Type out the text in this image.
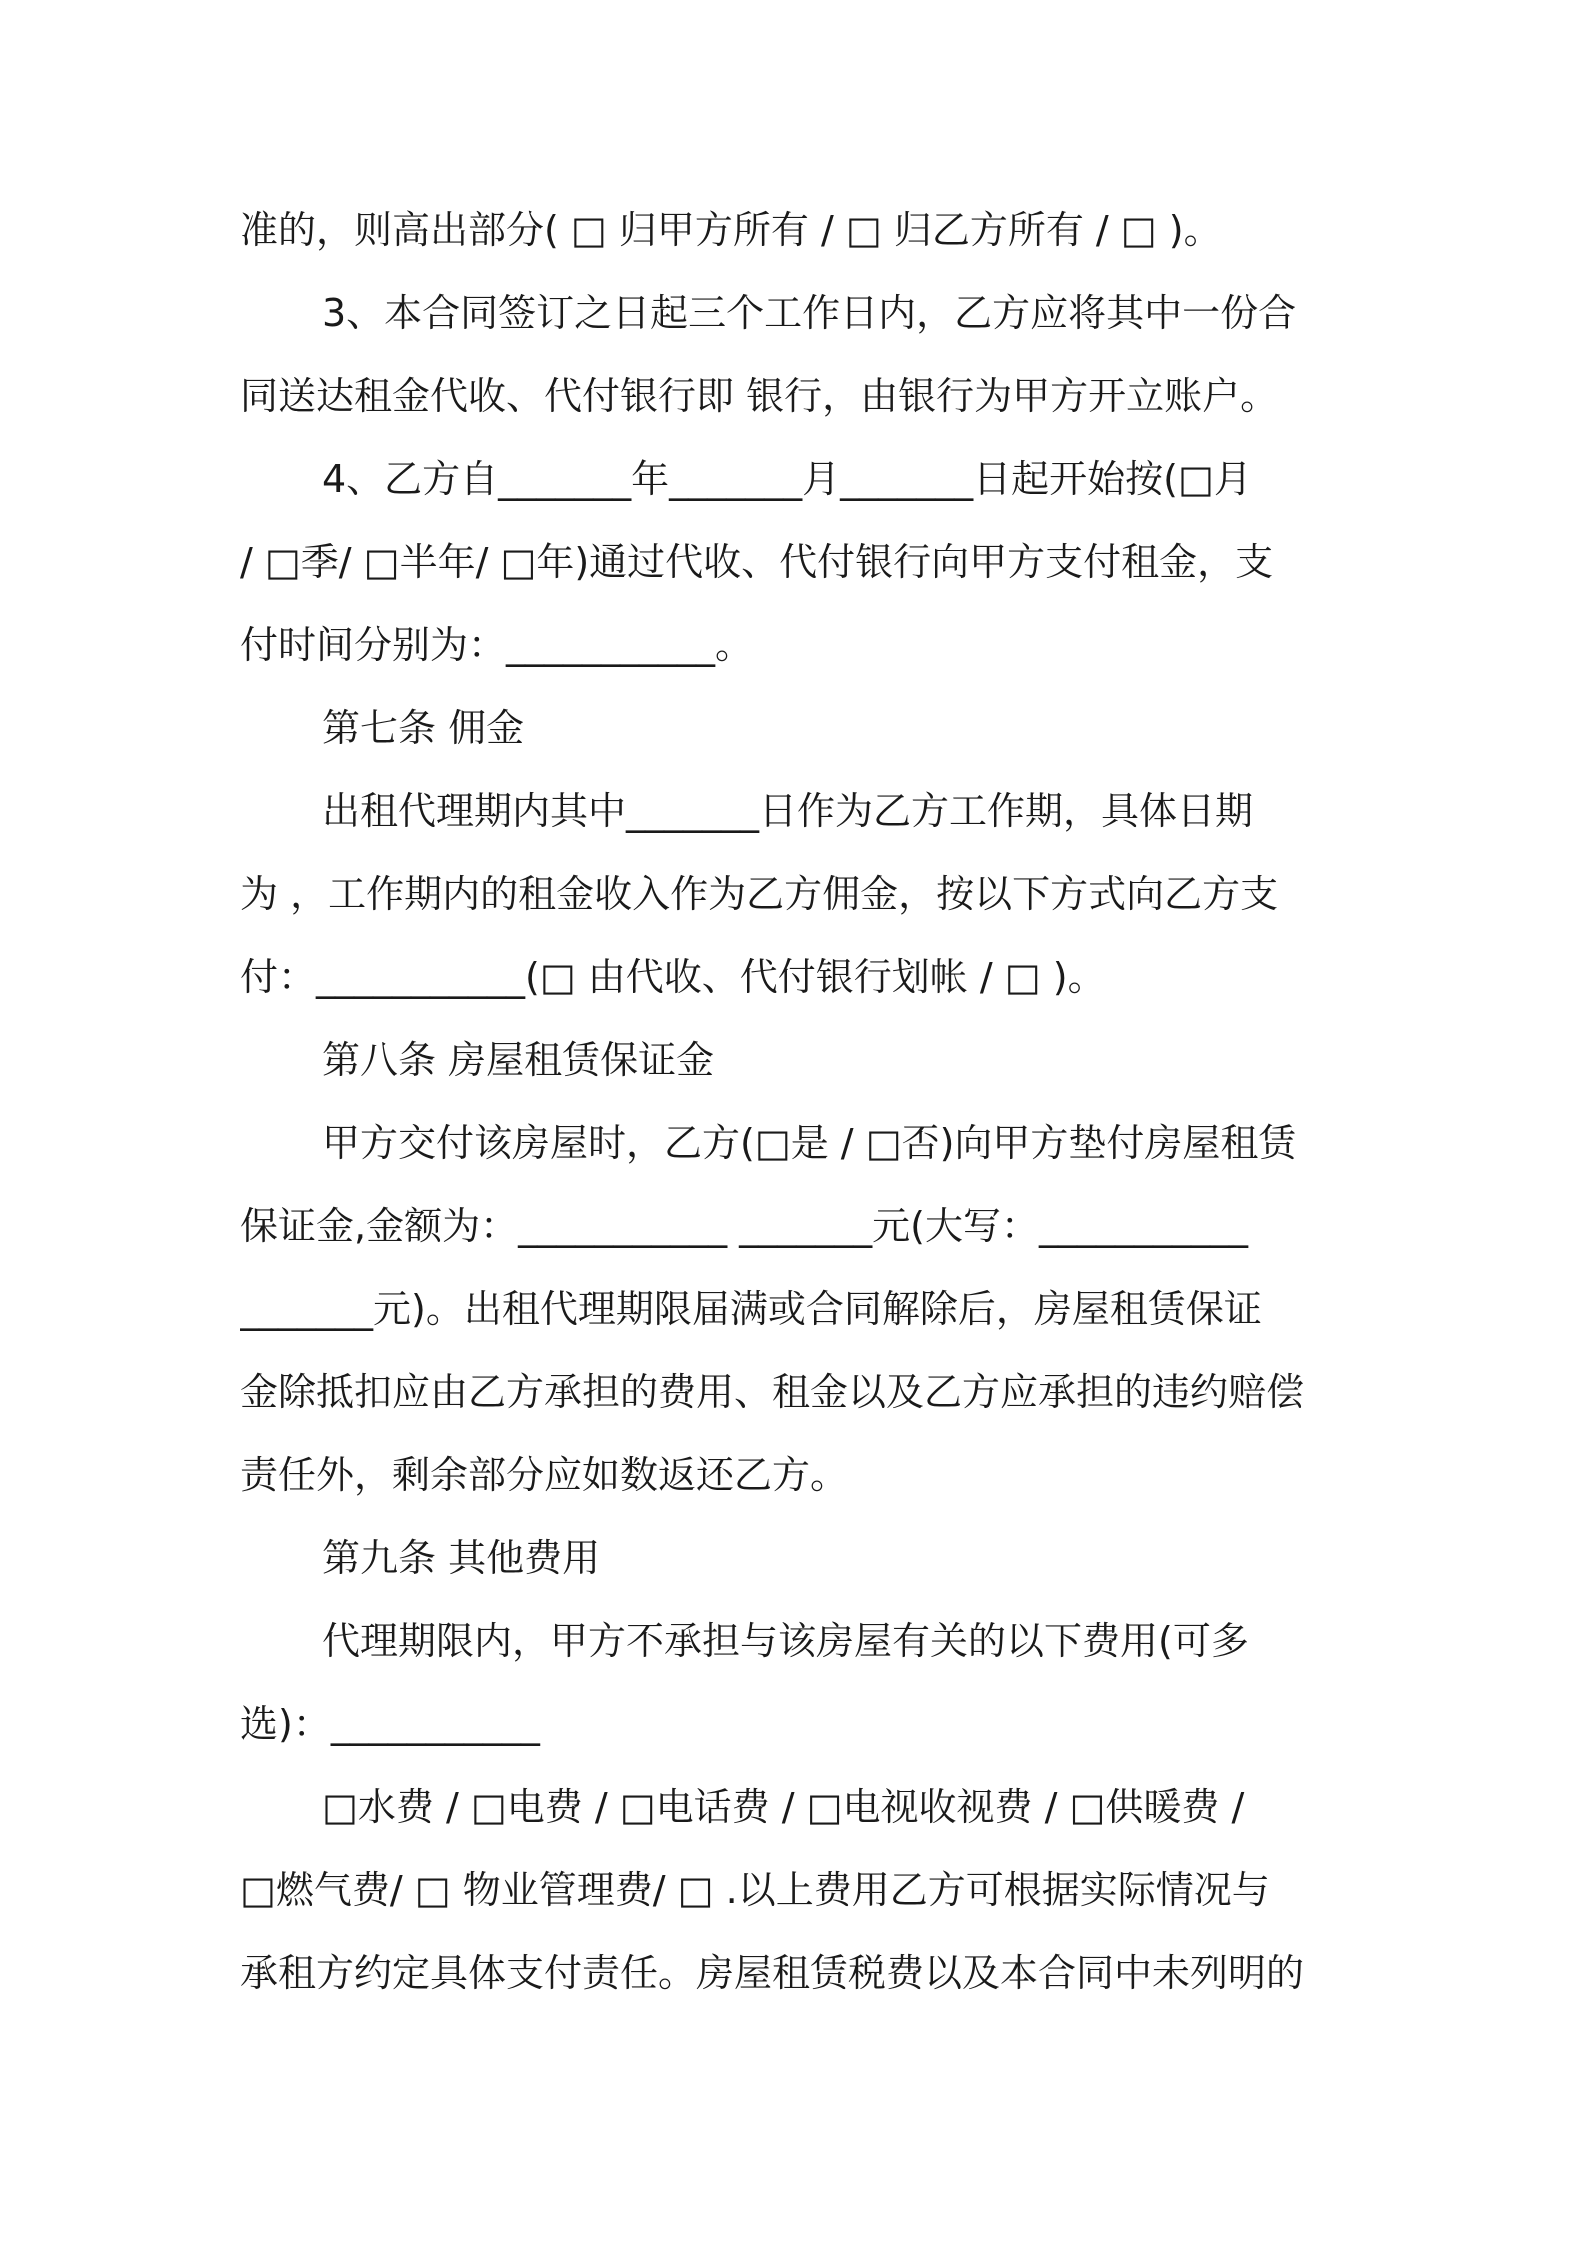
准的，则高出部分( □ 归甲方所有 / □ 归乙方所有 / □ )。
3、本合同签订之日起三个工作日内，乙方应将其中一份合
同送达租金代收、代付银行即 银行，由银行为甲方开立账户。
4、乙方自_______年_______月_______日起开始按(□月
/ □季/ □半年/ □年)通过代收、代付银行向甲方支付租金，支
付时间分别为：___________。
第七条 佣金
出租代理期内其中_______日作为乙方工作期，具体日期
为 ，工作期内的租金收入作为乙方佣金，按以下方式向乙方支
付：___________(□ 由代收、代付银行划帐 / □ )。
第八条 房屋租赁保证金
甲方交付该房屋时，乙方(□是 / □否)向甲方垫付房屋租赁
保证金,金额为：___________ _______元(大写：___________
_______元)。出租代理期限届满或合同解除后，房屋租赁保证
金除抵扣应由乙方承担的费用、租金以及乙方应承担的违约赔偿
责任外，剩余部分应如数返还乙方。
第九条 其他费用
代理期限内，甲方不承担与该房屋有关的以下费用(可多
选)：___________
□水费 / □电费 / □电话费 / □电视收视费 / □供暖费 /
□燃气费/ □ 物业管理费/ □ .以上费用乙方可根据实际情况与
承租方约定具体支付责任。房屋租赁税费以及本合同中未列明的
